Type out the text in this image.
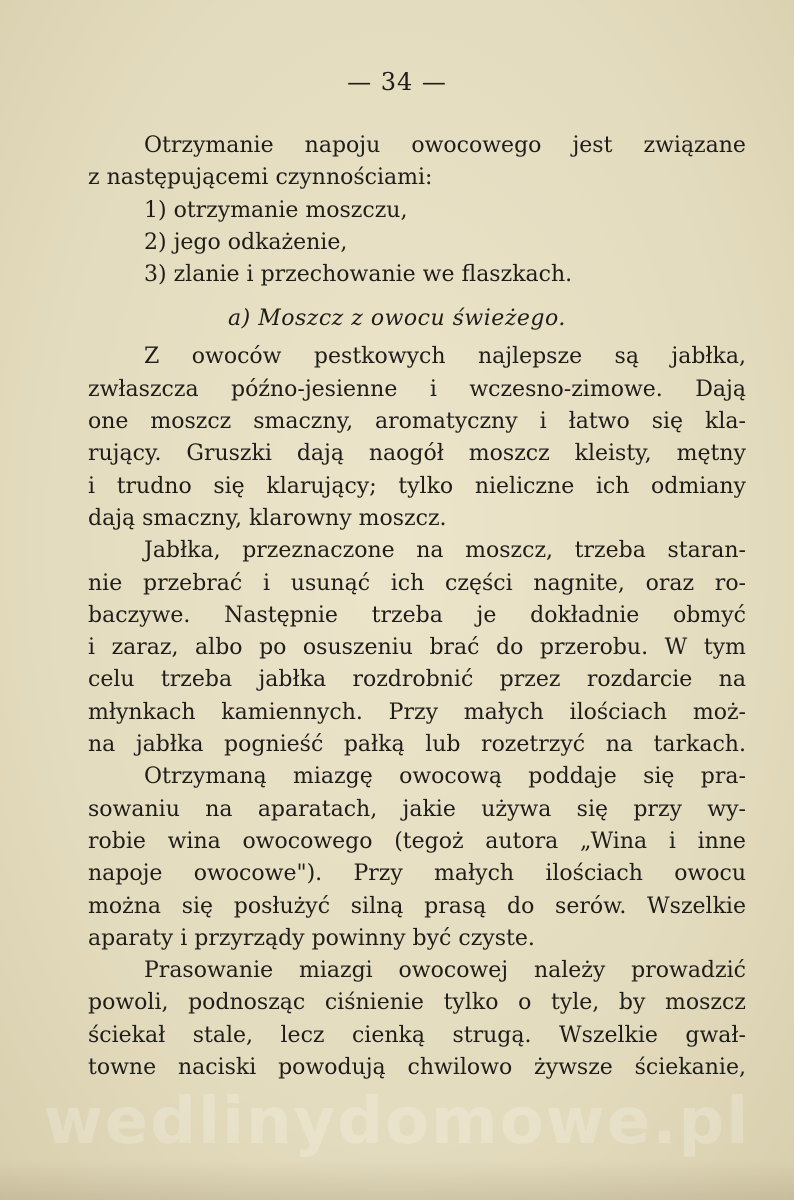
— 34 —
Otrzymanie napoju owocowego jest związane
z następującemi czynnościami:
1) otrzymanie moszczu,
2) jego odkażenie,
3) zlanie i przechowanie we flaszkach.
a) Moszcz z owocu świeżego.
Z owoców pestkowych najlepsze są jabłka,
zwłaszcza późno-jesienne i wczesno-zimowe. Dają
one moszcz smaczny, aromatyczny i łatwo się kla-
rujący. Gruszki dają naogół moszcz kleisty, mętny
i trudno się klarujący; tylko nieliczne ich odmiany
dają smaczny, klarowny moszcz.
Jabłka, przeznaczone na moszcz, trzeba staran-
nie przebrać i usunąć ich części nagnite, oraz ro-
baczywe. Następnie trzeba je dokładnie obmyć
i zaraz, albo po osuszeniu brać do przerobu. W tym
celu trzeba jabłka rozdrobnić przez rozdarcie na
młynkach kamiennych. Przy małych ilościach moż-
na jabłka pognieść pałką lub rozetrzyć na tarkach.
Otrzymaną miazgę owocową poddaje się pra-
sowaniu na aparatach, jakie używa się przy wy-
robie wina owocowego (tegoż autora „Wina i inne
napoje owocowe"). Przy małych ilościach owocu
można się posłużyć silną prasą do serów. Wszelkie
aparaty i przyrządy powinny być czyste.
Prasowanie miazgi owocowej należy prowadzić
powoli, podnosząc ciśnienie tylko o tyle, by moszcz
ściekał stale, lecz cienką strugą. Wszelkie gwał-
towne naciski powodują chwilowo żywsze ściekanie,
wedlinydomowe.pl
